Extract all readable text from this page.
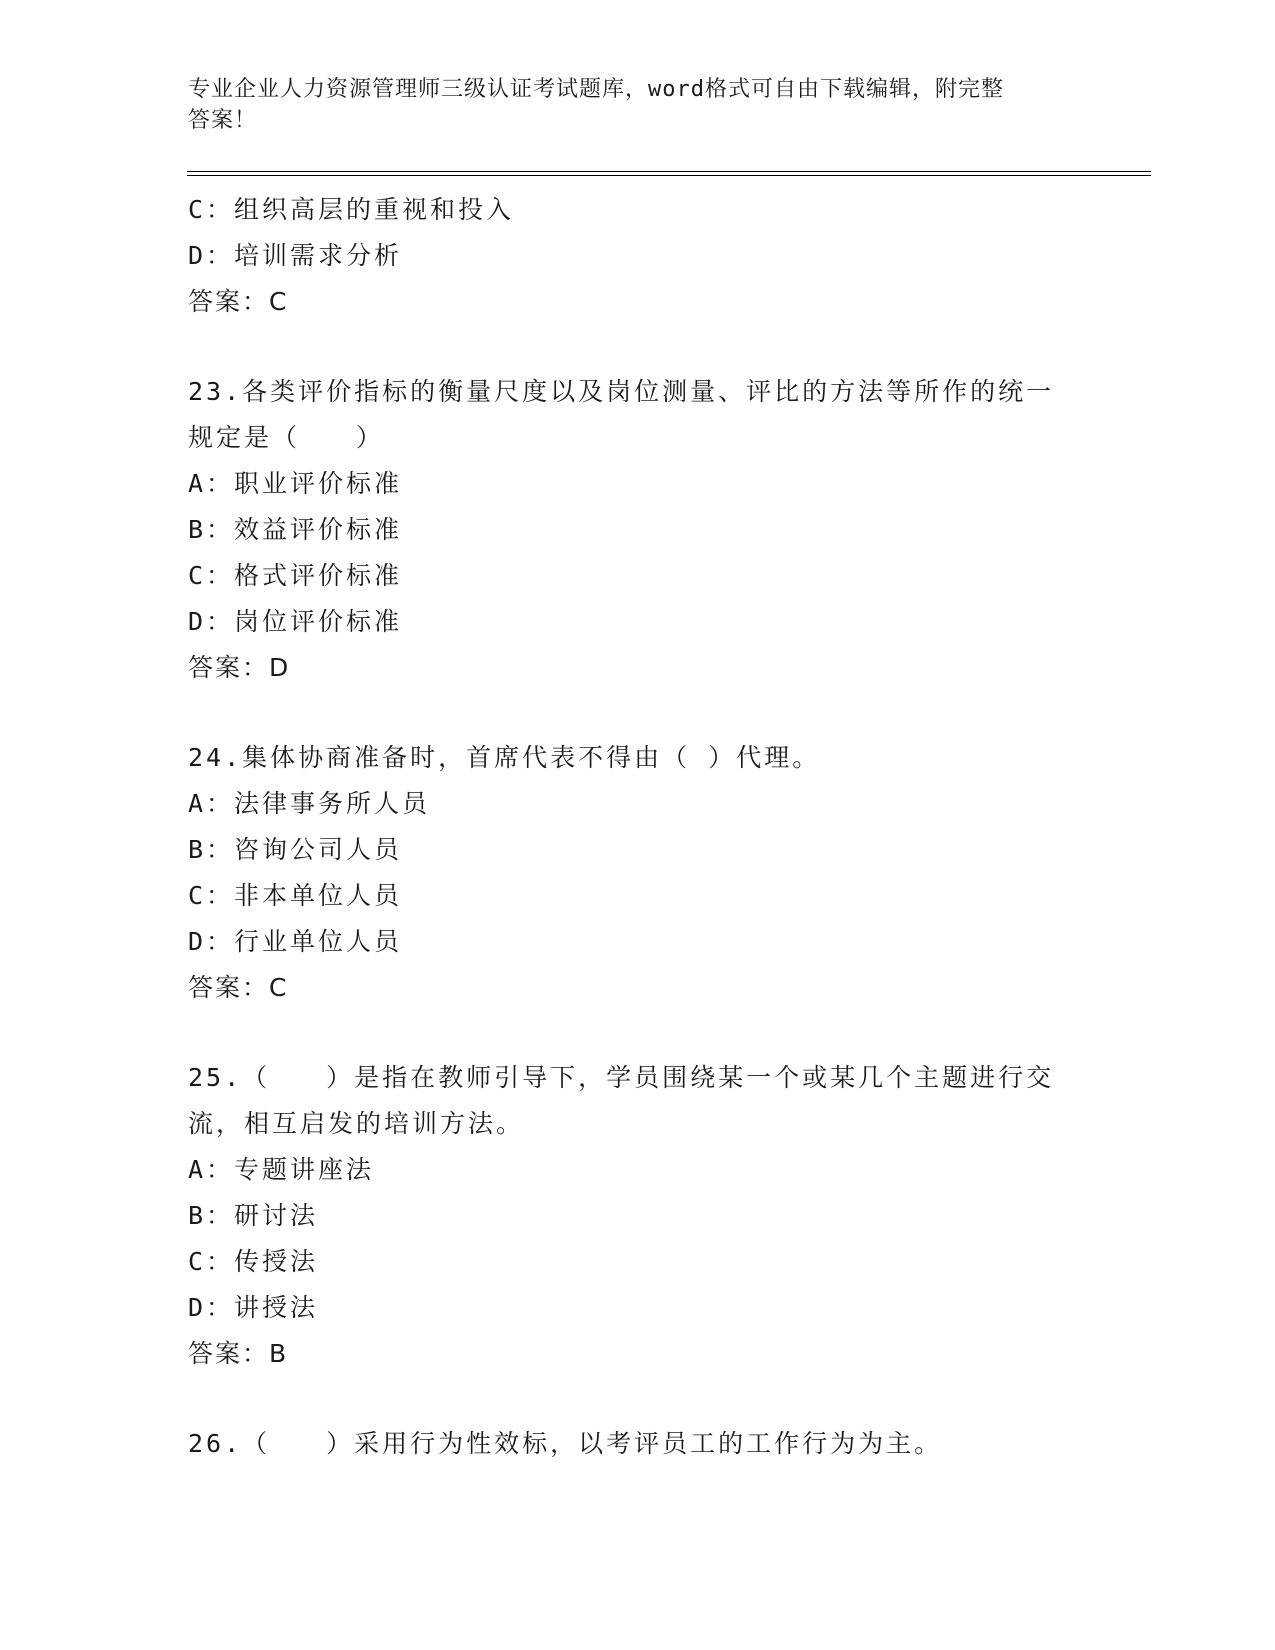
专业企业人力资源管理师三级认证考试题库，word格式可自由下载编辑，附完整
答案！
C：组织高层的重视和投入
D：培训需求分析
答案：C
23.各类评价指标的衡量尺度以及岗位测量、评比的方法等所作的统一
规定是（　　）
A：职业评价标准
B：效益评价标准
C：格式评价标准
D：岗位评价标准
答案：D
24.集体协商准备时，首席代表不得由（ ）代理。
A：法律事务所人员
B：咨询公司人员
C：非本单位人员
D：行业单位人员
答案：C
25.（　　）是指在教师引导下，学员围绕某一个或某几个主题进行交
流，相互启发的培训方法。
A：专题讲座法
B：研讨法
C：传授法
D：讲授法
答案：B
26.（　　）采用行为性效标，以考评员工的工作行为为主。
